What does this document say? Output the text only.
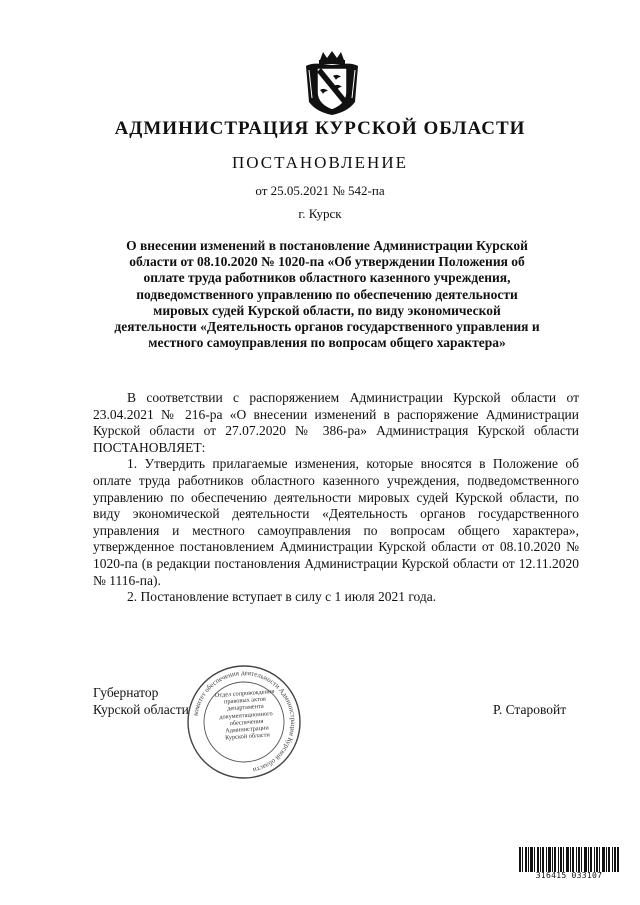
АДМИНИСТРАЦИЯ КУРСКОЙ ОБЛАСТИ
ПОСТАНОВЛЕНИЕ
от 25.05.2021 № 542-па
г. Курск
О внесении изменений в постановление Администрации Курской области от 08.10.2020 № 1020-па «Об утверждении Положения об оплате труда работников областного казенного учреждения, подведомственного управлению по обеспечению деятельности мировых судей Курской области, по виду экономической деятельности «Деятельность органов государственного управления и местного самоуправления по вопросам общего характера»

В соответствии с распоряжением Администрации Курской области от 23.04.2021 № 216-ра «О внесении изменений в распоряжение Администрации Курской области от 27.07.2020 № 386-ра» Администрация Курской области ПОСТАНОВЛЯЕТ:

1. Утвердить прилагаемые изменения, которые вносятся в Положение об оплате труда работников областного казенного учреждения, подведомственного управлению по обеспечению деятельности мировых судей Курской области, по виду экономической деятельности «Деятельность органов государственного управления и местного самоуправления по вопросам общего характера», утвержденное постановлением Администрации Курской области от 08.10.2020 № 1020-па (в редакции постановления Администрации Курской области от 12.11.2020 № 1116-па).

2. Постановление вступает в силу с 1 июля 2021 года.

Губернатор
Курской области	Р. Старовойт
комитет обеспечения деятельности Администрации Курской области
Отдел сопровождения правовых актов департамента документационного обеспечения Администрации Курской области
316415 033107
